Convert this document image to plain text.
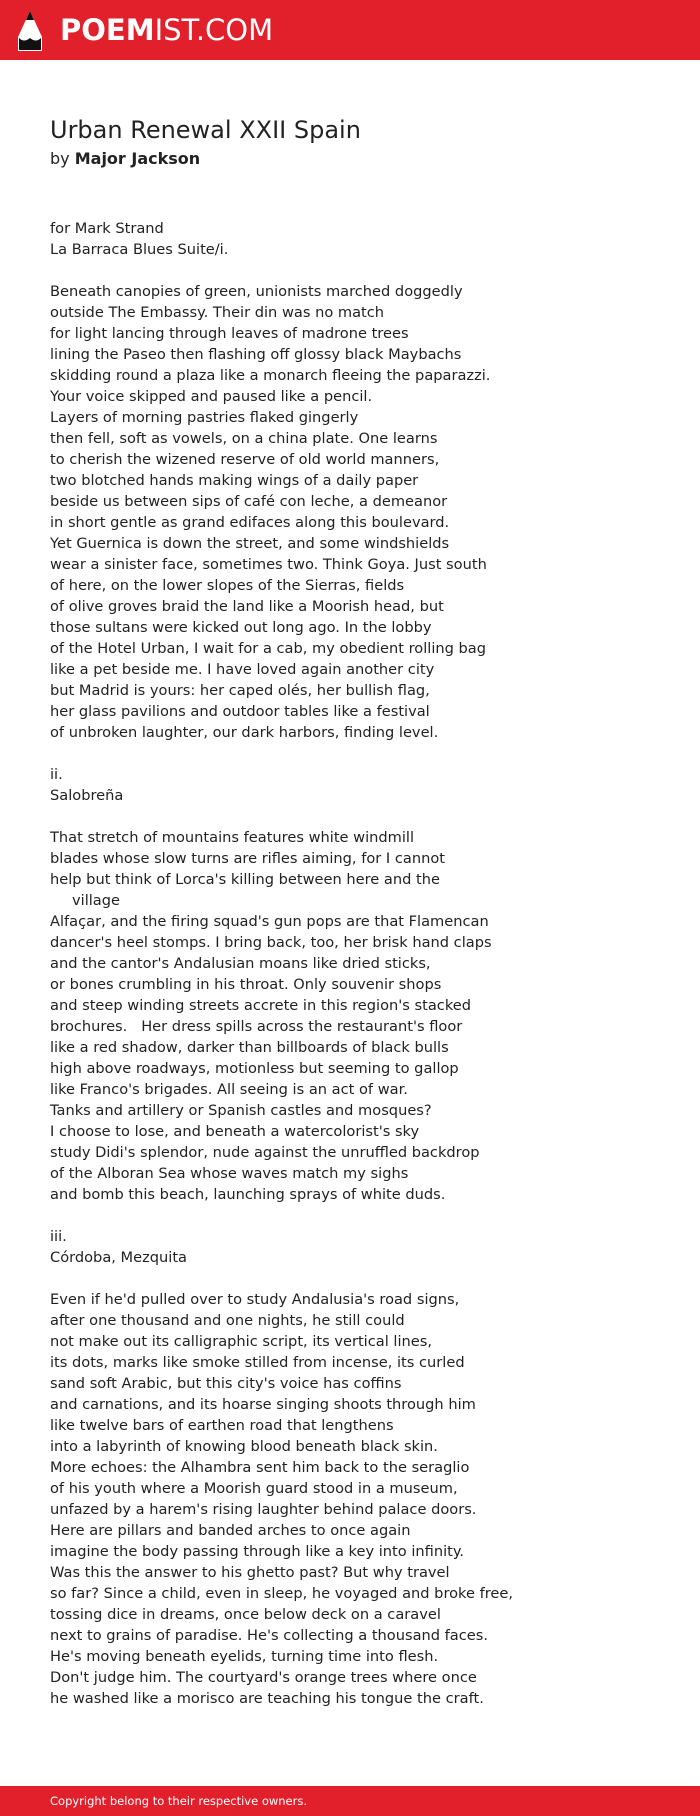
POEMIST.COM
Urban Renewal XXII Spain
by Major Jackson
for Mark Strand
La Barraca Blues Suite/i.
Beneath canopies of green, unionists marched doggedly
outside The Embassy. Their din was no match
for light lancing through leaves of madrone trees
lining the Paseo then flashing off glossy black Maybachs
skidding round a plaza like a monarch fleeing the paparazzi.
Your voice skipped and paused like a pencil.
Layers of morning pastries flaked gingerly
then fell, soft as vowels, on a china plate. One learns
to cherish the wizened reserve of old world manners,
two blotched hands making wings of a daily paper
beside us between sips of café con leche, a demeanor
in short gentle as grand edifaces along this boulevard.
Yet Guernica is down the street, and some windshields
wear a sinister face, sometimes two. Think Goya. Just south
of here, on the lower slopes of the Sierras, fields
of olive groves braid the land like a Moorish head, but
those sultans were kicked out long ago. In the lobby
of the Hotel Urban, I wait for a cab, my obedient rolling bag
like a pet beside me. I have loved again another city
but Madrid is yours: her caped olés, her bullish flag,
her glass pavilions and outdoor tables like a festival
of unbroken laughter, our dark harbors, finding level.
ii.
Salobreña
That stretch of mountains features white windmill
blades whose slow turns are rifles aiming, for I cannot
help but think of Lorca's killing between here and the
village
Alfaçar, and the firing squad's gun pops are that Flamencan
dancer's heel stomps. I bring back, too, her brisk hand claps
and the cantor's Andalusian moans like dried sticks,
or bones crumbling in his throat. Only souvenir shops
and steep winding streets accrete in this region's stacked
brochures.   Her dress spills across the restaurant's floor
like a red shadow, darker than billboards of black bulls
high above roadways, motionless but seeming to gallop
like Franco's brigades. All seeing is an act of war.
Tanks and artillery or Spanish castles and mosques?
I choose to lose, and beneath a watercolorist's sky
study Didi's splendor, nude against the unruffled backdrop
of the Alboran Sea whose waves match my sighs
and bomb this beach, launching sprays of white duds.
iii.
Córdoba, Mezquita
Even if he'd pulled over to study Andalusia's road signs,
after one thousand and one nights, he still could
not make out its calligraphic script, its vertical lines,
its dots, marks like smoke stilled from incense, its curled
sand soft Arabic, but this city's voice has coffins
and carnations, and its hoarse singing shoots through him
like twelve bars of earthen road that lengthens
into a labyrinth of knowing blood beneath black skin.
More echoes: the Alhambra sent him back to the seraglio
of his youth where a Moorish guard stood in a museum,
unfazed by a harem's rising laughter behind palace doors.
Here are pillars and banded arches to once again
imagine the body passing through like a key into infinity.
Was this the answer to his ghetto past? But why travel
so far? Since a child, even in sleep, he voyaged and broke free,
tossing dice in dreams, once below deck on a caravel
next to grains of paradise. He's collecting a thousand faces.
He's moving beneath eyelids, turning time into flesh.
Don't judge him. The courtyard's orange trees where once
he washed like a morisco are teaching his tongue the craft.
Copyright belong to their respective owners.
